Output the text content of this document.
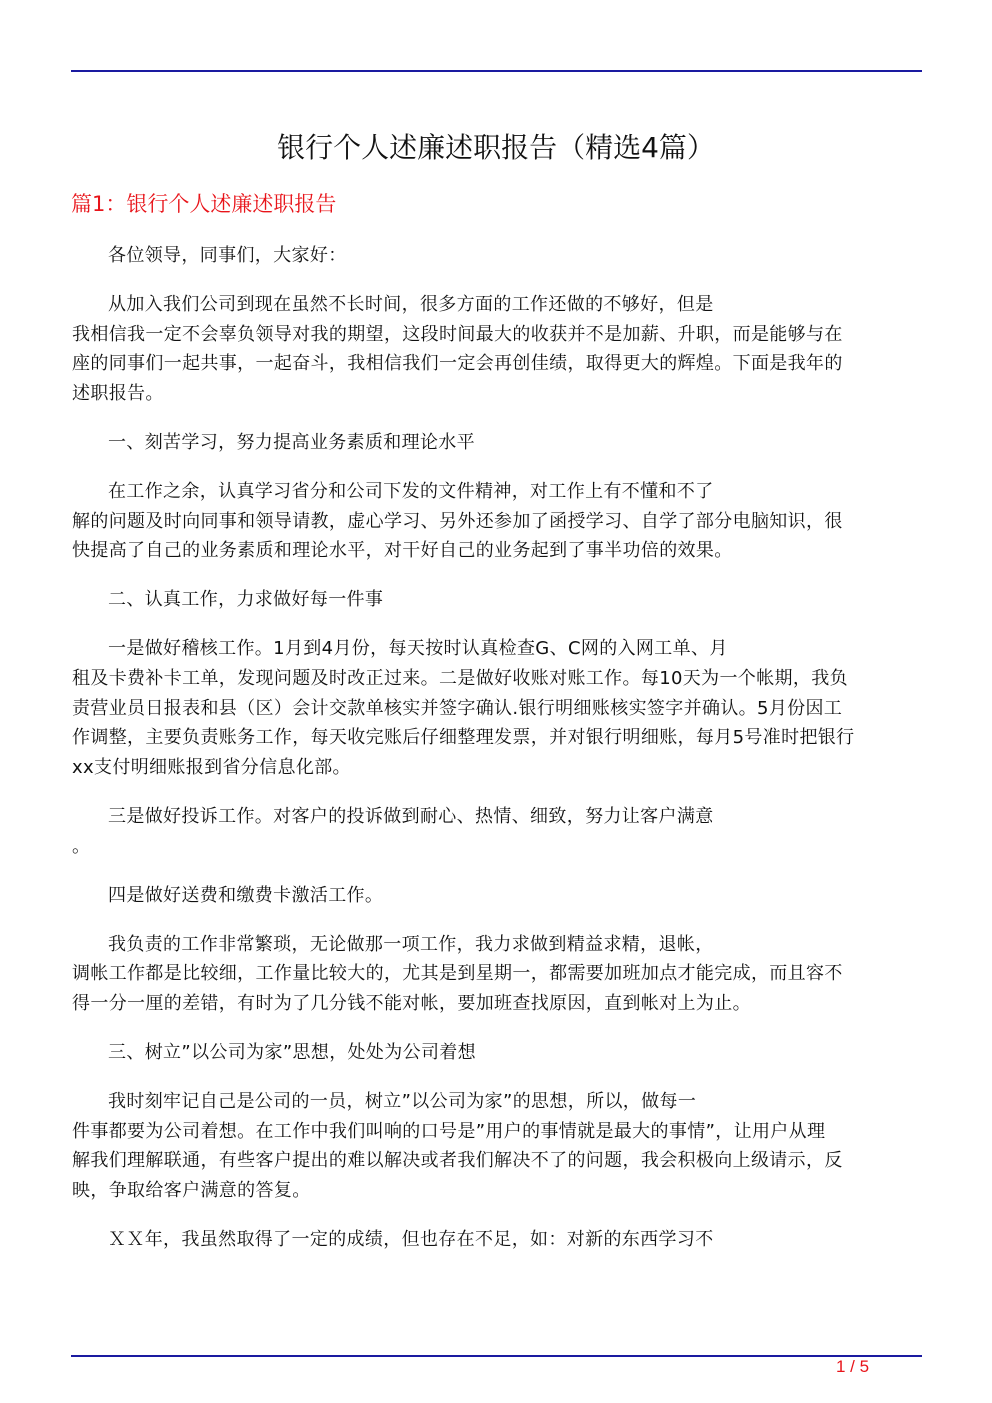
银行个人述廉述职报告（精选4篇）
篇1：银行个人述廉述职报告
各位领导，同事们，大家好：
从加入我们公司到现在虽然不长时间，很多方面的工作还做的不够好，但是
我相信我一定不会辜负领导对我的期望，这段时间最大的收获并不是加薪、升职，而是能够与在
座的同事们一起共事，一起奋斗，我相信我们一定会再创佳绩，取得更大的辉煌。下面是我年的
述职报告。
一、刻苦学习，努力提高业务素质和理论水平
在工作之余，认真学习省分和公司下发的文件精神，对工作上有不懂和不了
解的问题及时向同事和领导请教，虚心学习、另外还参加了函授学习、自学了部分电脑知识，很
快提高了自己的业务素质和理论水平，对干好自己的业务起到了事半功倍的效果。
二、认真工作，力求做好每一件事
一是做好稽核工作。1月到4月份，每天按时认真检查G、C网的入网工单、月
租及卡费补卡工单，发现问题及时改正过来。二是做好收账对账工作。每10天为一个帐期，我负
责营业员日报表和县（区）会计交款单核实并签字确认.银行明细账核实签字并确认。5月份因工
作调整，主要负责账务工作，每天收完账后仔细整理发票，并对银行明细账，每月5号准时把银行
xx支付明细账报到省分信息化部。
三是做好投诉工作。对客户的投诉做到耐心、热情、细致，努力让客户满意
。
四是做好送费和缴费卡激活工作。
我负责的工作非常繁琐，无论做那一项工作，我力求做到精益求精，退帐，
调帐工作都是比较细，工作量比较大的，尤其是到星期一，都需要加班加点才能完成，而且容不
得一分一厘的差错，有时为了几分钱不能对帐，要加班查找原因，直到帐对上为止。
三、树立”以公司为家”思想，处处为公司着想
我时刻牢记自己是公司的一员，树立”以公司为家”的思想，所以，做每一
件事都要为公司着想。在工作中我们叫响的口号是”用户的事情就是最大的事情”，让用户从理
解我们理解联通，有些客户提出的难以解决或者我们解决不了的问题，我会积极向上级请示，反
映，争取给客户满意的答复。
ＸＸ年，我虽然取得了一定的成绩，但也存在不足，如：对新的东西学习不
1 / 5
